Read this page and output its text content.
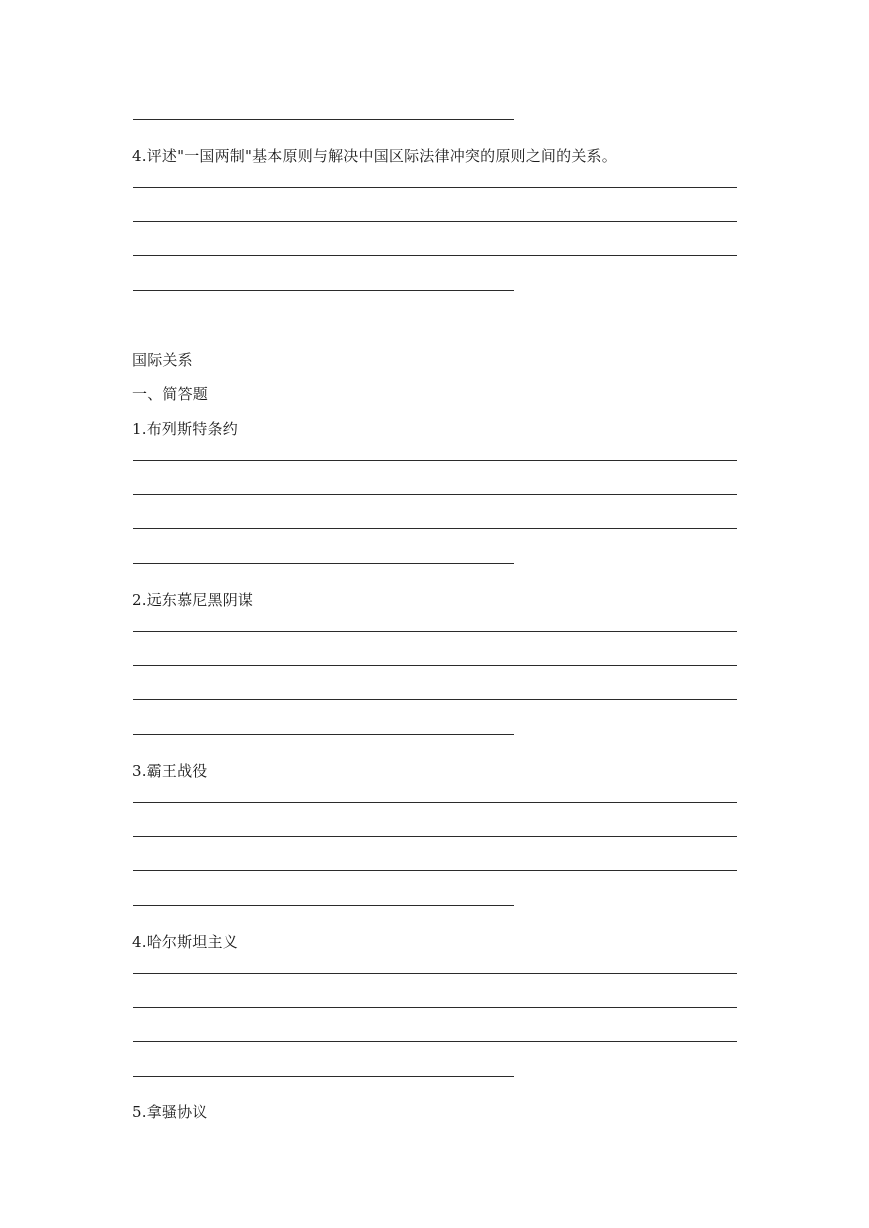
4.评述"一国两制"基本原则与解决中国区际法律冲突的原则之间的关系。
国际关系
一、简答题
1.布列斯特条约
2.远东慕尼黑阴谋
3.霸王战役
4.哈尔斯坦主义
5.拿骚协议
